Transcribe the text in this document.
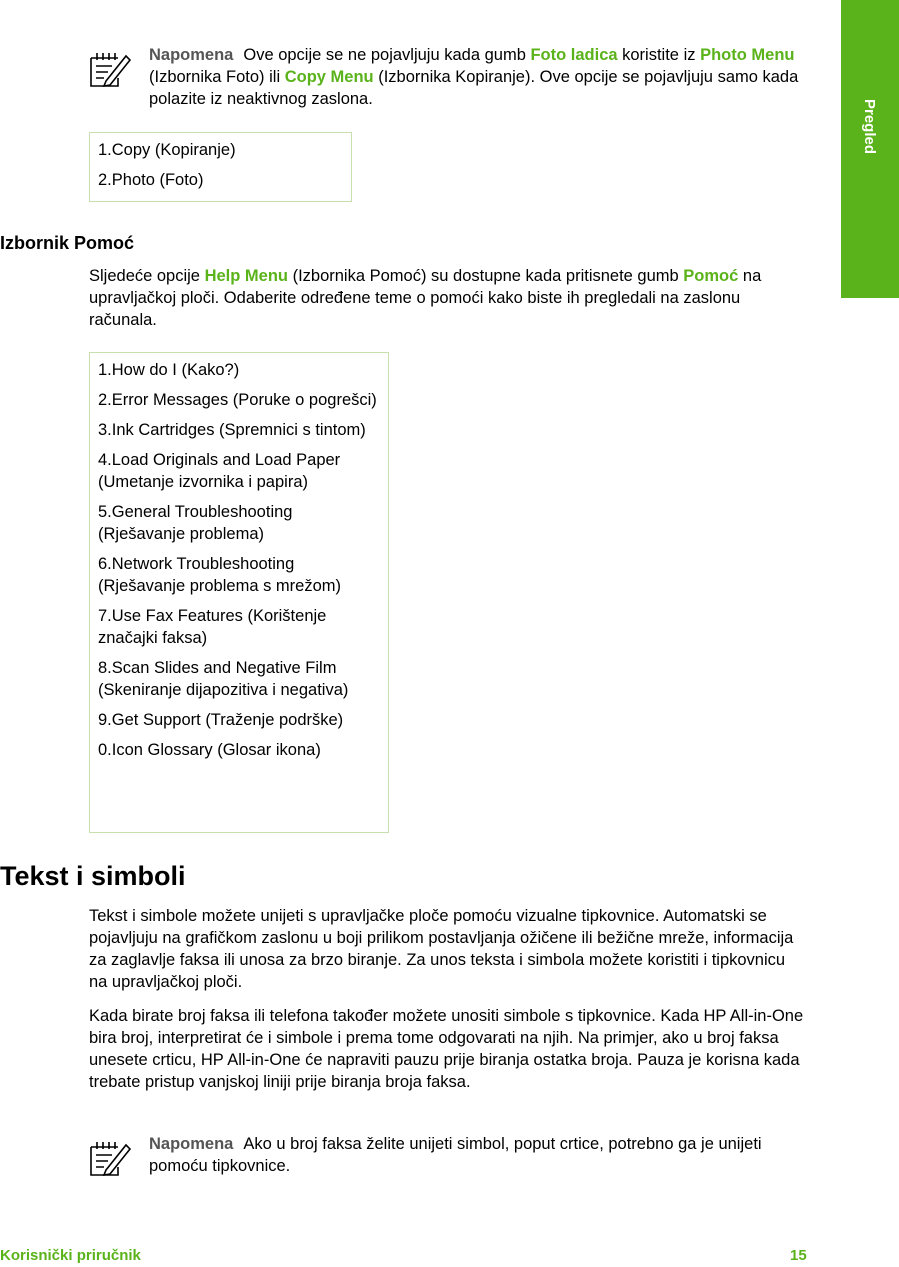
Pregled
Napomena Ove opcije se ne pojavljuju kada gumb Foto ladica koristite iz Photo Menu (Izbornika Foto) ili Copy Menu (Izbornika Kopiranje). Ove opcije se pojavljuju samo kada polazite iz neaktivnog zaslona.
1.Copy (Kopiranje)
2.Photo (Foto)
Izbornik Pomoć
Sljedeće opcije Help Menu (Izbornika Pomoć) su dostupne kada pritisnete gumb Pomoć na upravljačkoj ploči. Odaberite određene teme o pomoći kako biste ih pregledali na zaslonu računala.
1.How do I (Kako?)
2.Error Messages (Poruke o pogrešci)
3.Ink Cartridges (Spremnici s tintom)
4.Load Originals and Load Paper (Umetanje izvornika i papira)
5.General Troubleshooting (Rješavanje problema)
6.Network Troubleshooting (Rješavanje problema s mrežom)
7.Use Fax Features (Korištenje značajki faksa)
8.Scan Slides and Negative Film (Skeniranje dijapozitiva i negativa)
9.Get Support (Traženje podrške)
0.Icon Glossary (Glosar ikona)
Tekst i simboli
Tekst i simbole možete unijeti s upravljačke ploče pomoću vizualne tipkovnice. Automatski se pojavljuju na grafičkom zaslonu u boji prilikom postavljanja ožičene ili bežične mreže, informacija za zaglavlje faksa ili unosa za brzo biranje. Za unos teksta i simbola možete koristiti i tipkovnicu na upravljačkoj ploči.
Kada birate broj faksa ili telefona također možete unositi simbole s tipkovnice. Kada HP All-in-One bira broj, interpretirat će i simbole i prema tome odgovarati na njih. Na primjer, ako u broj faksa unesete crticu, HP All-in-One će napraviti pauzu prije biranja ostatka broja. Pauza je korisna kada trebate pristup vanjskoj liniji prije biranja broja faksa.
Napomena Ako u broj faksa želite unijeti simbol, poput crtice, potrebno ga je unijeti pomoću tipkovnice.
Korisnički priručnik	15
